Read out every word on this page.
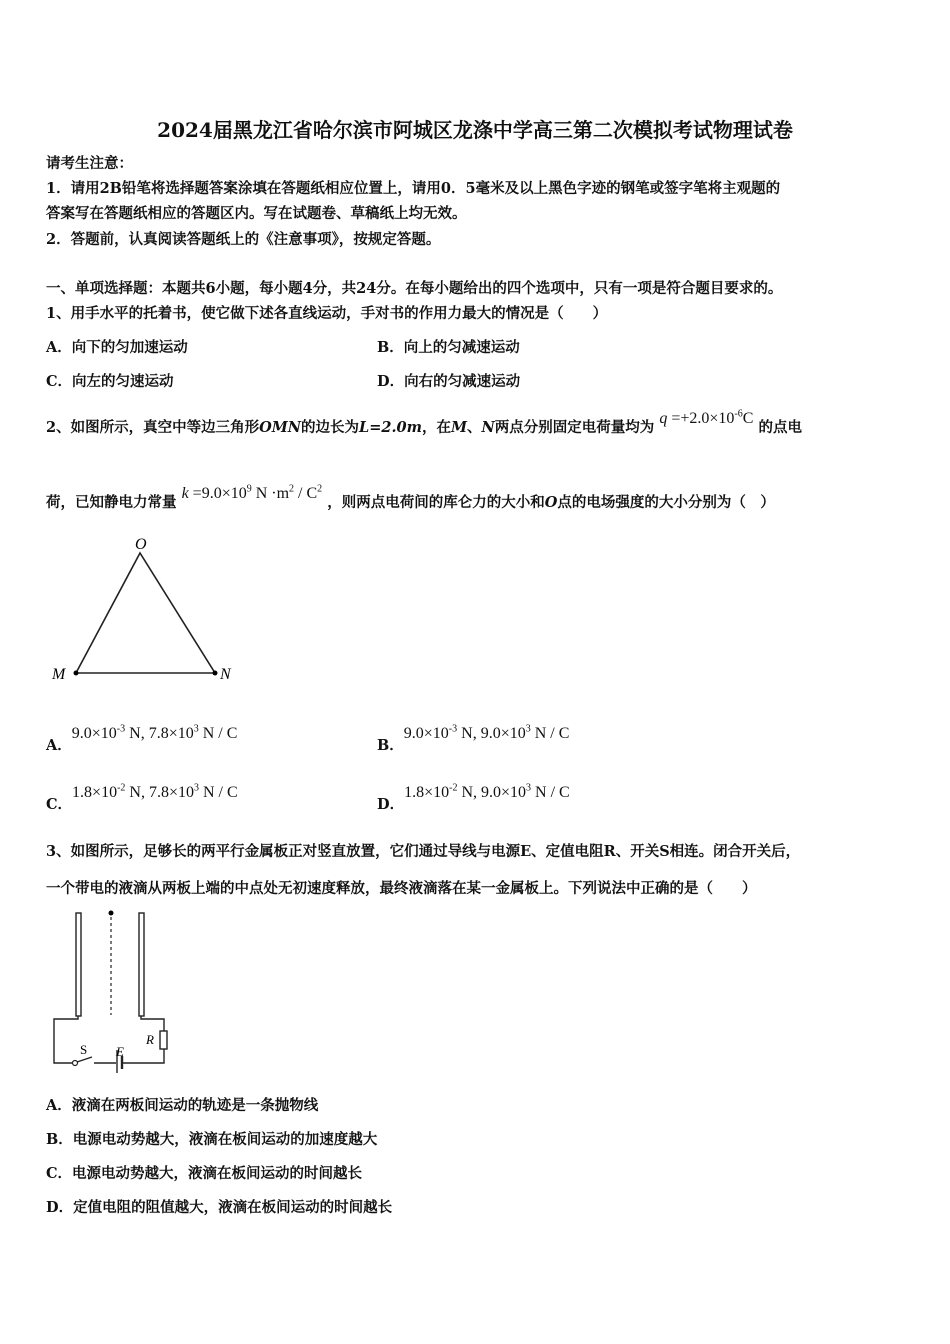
2024届黑龙江省哈尔滨市阿城区龙涤中学高三第二次模拟考试物理试卷
请考生注意：
1．请用2B铅笔将选择题答案涂填在答题纸相应位置上，请用0．5毫米及以上黑色字迹的钢笔或签字笔将主观题的
答案写在答题纸相应的答题区内。写在试题卷、草稿纸上均无效。
2．答题前，认真阅读答题纸上的《注意事项》，按规定答题。
一、单项选择题：本题共6小题，每小题4分，共24分。在每小题给出的四个选项中，只有一项是符合题目要求的。
1、用手水平的托着书，使它做下述各直线运动，手对书的作用力最大的情况是（　　）
A．向下的匀加速运动	B．向上的匀减速运动
C．向左的匀速运动	D．向右的匀减速运动
2、如图所示，真空中等边三角形OMN的边长为L=2.0m，在M、N两点分别固定电荷量均为 $q =+2.0\times 10^{-6}C$ 的点电
荷，已知静电力常量 $k =9.0\times 10^9$ $N \cdot m^2 / C^2$ ，则两点电荷间的库仑力的大小和O点的电场强度的大小分别为（　）
O
M	N
A．$9.0\times 10^{-3}$ N, $7.8\times 10^3$ N / C
B．$9.0\times 10^{-3}$ N, $9.0\times 10^3$ N / C
C．$1.8\times 10^{-2}$ N, $7.8\times 10^3$ N / C
D．$1.8\times 10^{-2}$ N, $9.0\times 10^3$ N / C
3、如图所示，足够长的两平行金属板正对竖直放置，它们通过导线与电源E、定值电阻R、开关S相连。闭合开关后，
一个带电的液滴从两板上端的中点处无初速度释放，最终液滴落在某一金属板上。下列说法中正确的是（　　）
S E
R
A．液滴在两板间运动的轨迹是一条抛物线
B．电源电动势越大，液滴在板间运动的加速度越大
C．电源电动势越大，液滴在板间运动的时间越长
D．定值电阻的阻值越大，液滴在板间运动的时间越长
